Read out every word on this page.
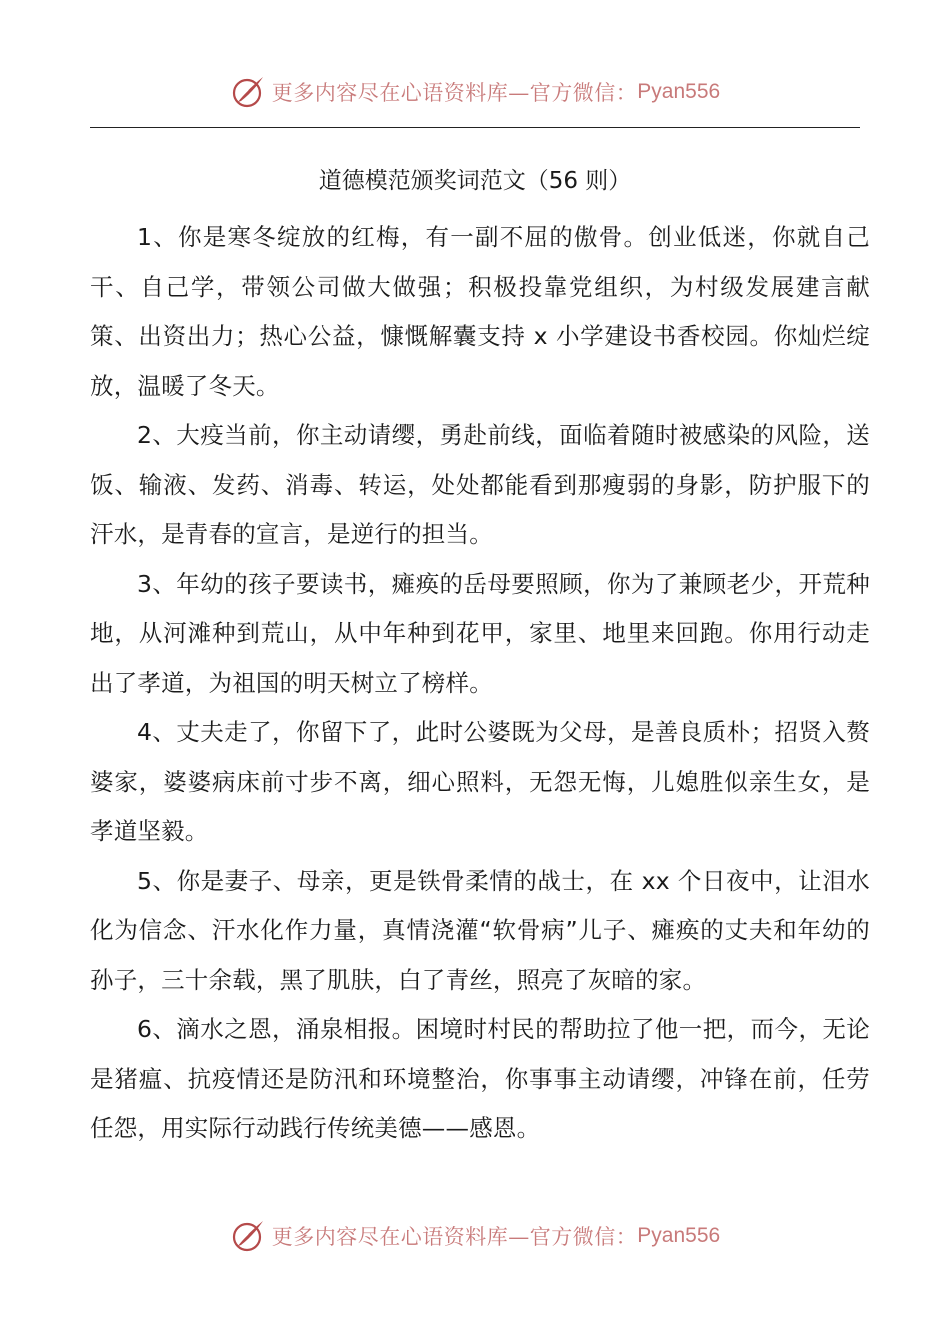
更多内容尽在心语资料库—官方微信： Pyan556
道德模范颁奖词范文（56 则）

1、你是寒冬绽放的红梅，有一副不屈的傲骨。创业低迷，你就自己干、自己学，带领公司做大做强；积极投靠党组织，为村级发展建言献策、出资出力；热心公益，慷慨解囊支持 x 小学建设书香校园。你灿烂绽放，温暖了冬天。

2、大疫当前，你主动请缨，勇赴前线，面临着随时被感染的风险，送饭、输液、发药、消毒、转运，处处都能看到那瘦弱的身影，防护服下的汗水，是青春的宣言，是逆行的担当。

3、年幼的孩子要读书，瘫痪的岳母要照顾，你为了兼顾老少，开荒种地，从河滩种到荒山，从中年种到花甲，家里、地里来回跑。你用行动走出了孝道，为祖国的明天树立了榜样。

4、丈夫走了，你留下了，此时公婆既为父母，是善良质朴；招贤入赘婆家，婆婆病床前寸步不离，细心照料，无怨无悔，儿媳胜似亲生女，是孝道坚毅。

5、你是妻子、母亲，更是铁骨柔情的战士，在 xx 个日夜中，让泪水化为信念、汗水化作力量，真情浇灌“软骨病”儿子、瘫痪的丈夫和年幼的孙子，三十余载，黑了肌肤，白了青丝，照亮了灰暗的家。

6、滴水之恩，涌泉相报。困境时村民的帮助拉了他一把，而今，无论是猪瘟、抗疫情还是防汛和环境整治，你事事主动请缨，冲锋在前，任劳任怨，用实际行动践行传统美德——感恩。

更多内容尽在心语资料库—官方微信： Pyan556
